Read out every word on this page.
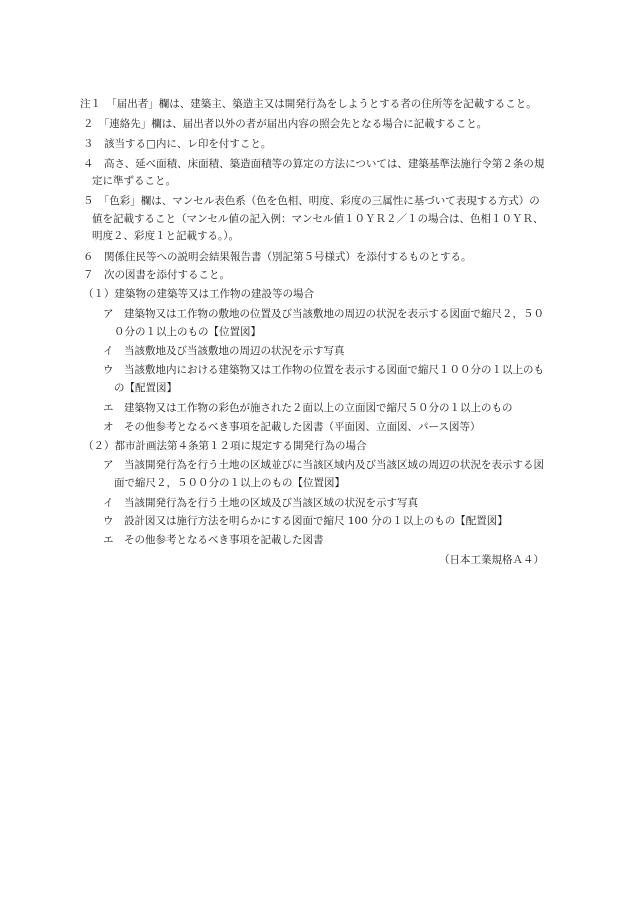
注１　「届出者」欄は、建築主、築造主又は開発行為をしようとする者の住所等を記載すること。
２　「連絡先」欄は、届出者以外の者が届出内容の照会先となる場合に記載すること。
３　該当する□内に、レ印を付すこと。
４　高さ、延べ面積、床面積、築造面積等の算定の方法については、建築基準法施行令第２条の規
定に準ずること。
５　「色彩」欄は、マンセル表色系（色を色相、明度、彩度の三属性に基づいて表現する方式）の
値を記載すること（マンセル値の記入例：マンセル値１０ＹＲ２／１の場合は、色相１０ＹＲ、
明度２、彩度１と記載する。）。
６　関係住民等への説明会結果報告書（別記第５号様式）を添付するものとする。
７　次の図書を添付すること。
（１）建築物の建築等又は工作物の建設等の場合
ア　建築物又は工作物の敷地の位置及び当該敷地の周辺の状況を表示する図面で縮尺２，５０
０分の１以上のもの【位置図】
イ　当該敷地及び当該敷地の周辺の状況を示す写真
ウ　当該敷地内における建築物又は工作物の位置を表示する図面で縮尺１００分の１以上のも
の【配置図】
エ　建築物又は工作物の彩色が施された２面以上の立面図で縮尺５０分の１以上のもの
オ　その他参考となるべき事項を記載した図書（平面図、立面図、パース図等）
（２）都市計画法第４条第１２項に規定する開発行為の場合
ア　当該開発行為を行う土地の区域並びに当該区域内及び当該区域の周辺の状況を表示する図
面で縮尺２，５００分の１以上のもの【位置図】
イ　当該開発行為を行う土地の区域及び当該区域の状況を示す写真
ウ　設計図又は施行方法を明らかにする図面で縮尺 100 分の１以上のもの【配置図】
エ　その他参考となるべき事項を記載した図書
（日本工業規格Ａ４）
